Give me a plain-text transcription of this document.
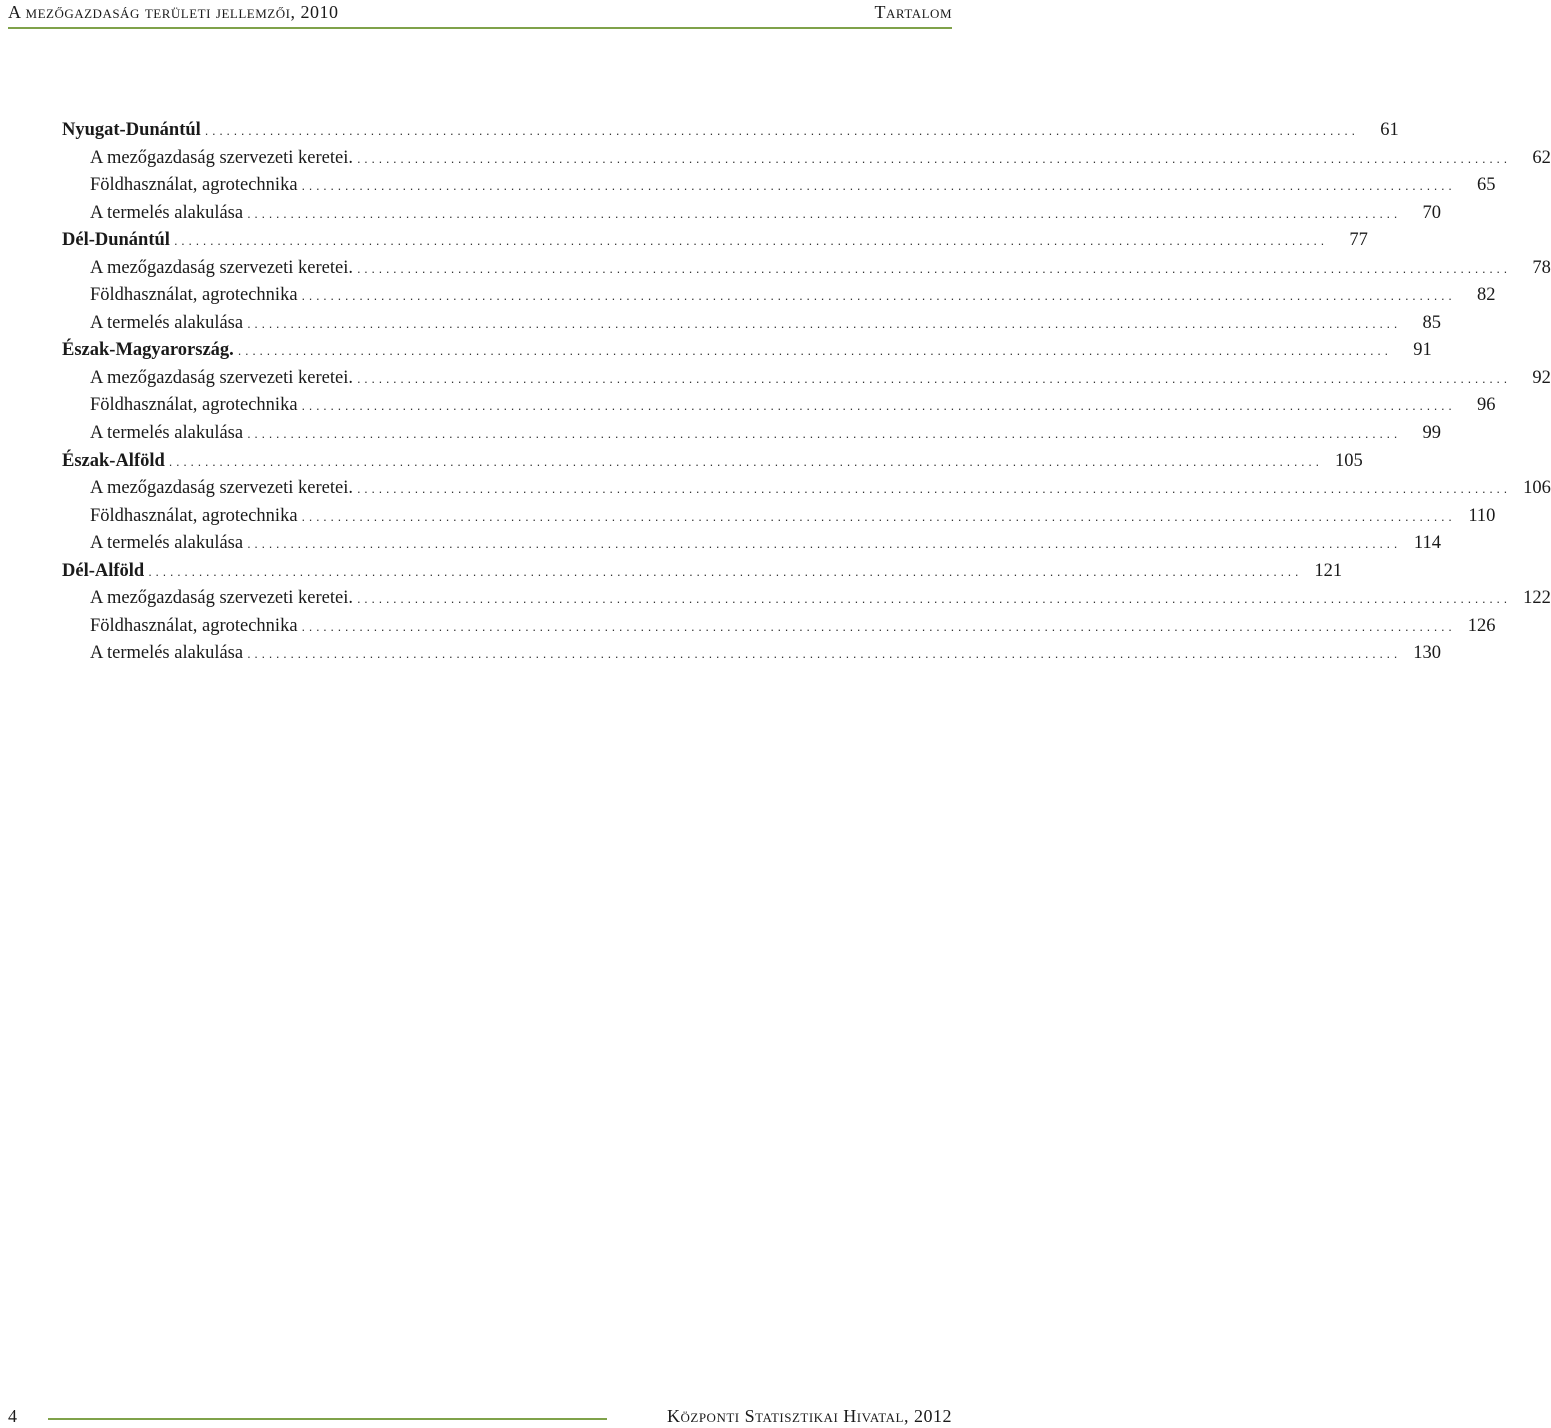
A mezőgazdaság területi jellemzői, 2010	Tartalom
Nyugat-Dunántúl ................................................................................................................................................................	61
A mezőgazdaság szervezeti keretei. ................................................................................................................................................................	62
Földhasználat, agrotechnika ................................................................................................................................................................	65
A termelés alakulása ................................................................................................................................................................	70
Dél-Dunántúl ................................................................................................................................................................	77
A mezőgazdaság szervezeti keretei. ................................................................................................................................................................	78
Földhasználat, agrotechnika ................................................................................................................................................................	82
A termelés alakulása ................................................................................................................................................................	85
Észak-Magyarország. ................................................................................................................................................................	91
A mezőgazdaság szervezeti keretei. ................................................................................................................................................................	92
Földhasználat, agrotechnika ................................................................................................................................................................	96
A termelés alakulása ................................................................................................................................................................	99
Észak-Alföld ................................................................................................................................................................ 105
A mezőgazdaság szervezeti keretei. ................................................................................................................................................................ 106
Földhasználat, agrotechnika ................................................................................................................................................................ 110
A termelés alakulása ................................................................................................................................................................ 114
Dél-Alföld ................................................................................................................................................................ 121
A mezőgazdaság szervezeti keretei. ................................................................................................................................................................ 122
Földhasználat, agrotechnika ................................................................................................................................................................ 126
A termelés alakulása ................................................................................................................................................................ 130
4	Központi Statisztikai Hivatal, 2012
